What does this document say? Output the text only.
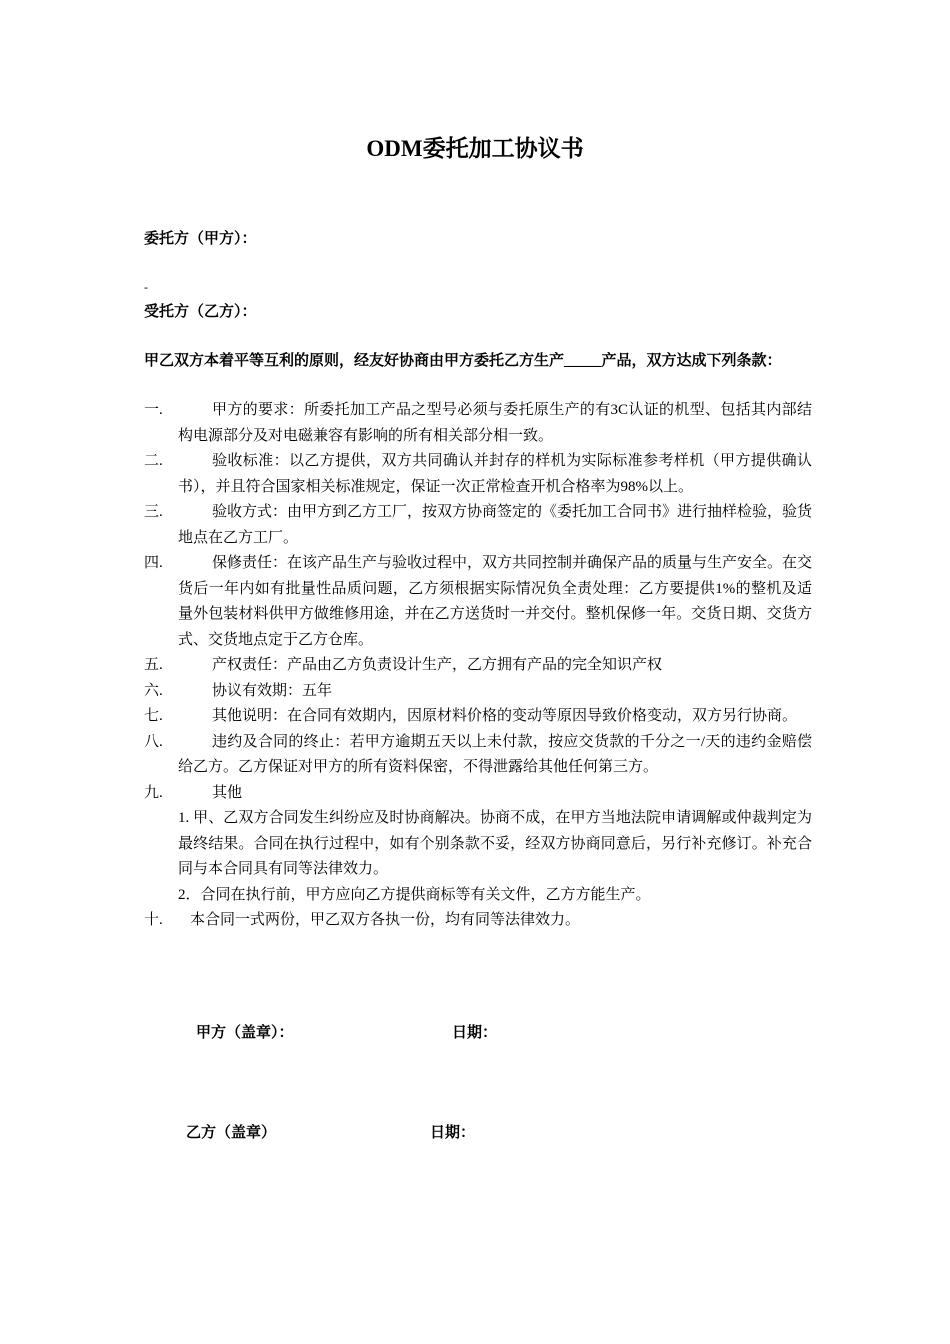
ODM委托加工协议书
委托方（甲方）：
-
受托方（乙方）：
甲乙双方本着平等互利的原则，经友好协商由甲方委托乙方生产_____产品，双方达成下列条款：
一.	甲方的要求：所委托加工产品之型号必须与委托原生产的有3C认证的机型、包括其内部结构电源部分及对电磁兼容有影响的所有相关部分相一致。
二.	验收标准：以乙方提供，双方共同确认并封存的样机为实际标准参考样机（甲方提供确认书），并且符合国家相关标准规定，保证一次正常检查开机合格率为98%以上。
三.	验收方式：由甲方到乙方工厂，按双方协商签定的《委托加工合同书》进行抽样检验，验货地点在乙方工厂。
四.	保修责任：在该产品生产与验收过程中，双方共同控制并确保产品的质量与生产安全。在交货后一年内如有批量性品质问题，乙方须根据实际情况负全责处理：乙方要提供1%的整机及适量外包装材料供甲方做维修用途，并在乙方送货时一并交付。整机保修一年。交货日期、交货方式、交货地点定于乙方仓库。
五.	产权责任：产品由乙方负责设计生产，乙方拥有产品的完全知识产权
六.	协议有效期：五年
七.	其他说明：在合同有效期内，因原材料价格的变动等原因导致价格变动，双方另行协商。
八.	违约及合同的终止：若甲方逾期五天以上未付款，按应交货款的千分之一/天的违约金赔偿给乙方。乙方保证对甲方的所有资料保密，不得泄露给其他任何第三方。
九.	其他
1. 甲、乙双方合同发生纠纷应及时协商解决。协商不成，在甲方当地法院申请调解或仲裁判定为最终结果。合同在执行过程中，如有个别条款不妥，经双方协商同意后，另行补充修订。补充合同与本合同具有同等法律效力。
2．合同在执行前，甲方应向乙方提供商标等有关文件，乙方方能生产。
十. 本合同一式两份，甲乙双方各执一份，均有同等法律效力。
甲方（盖章）：	日期：
乙方（盖章）	日期：
